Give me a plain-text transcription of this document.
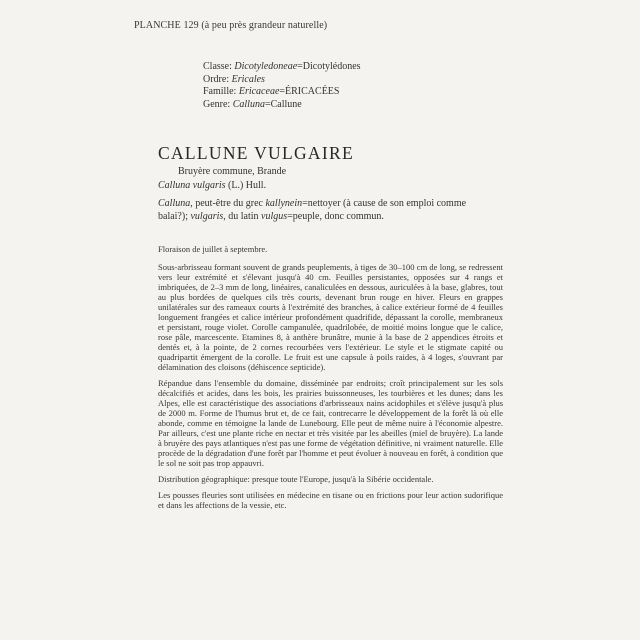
PLANCHE 129 (à peu près grandeur naturelle)
Classe: Dicotyledoneae=Dicotylédones
Ordre: Ericales
Famille: Ericaceae=ÉRICACÉES
Genre: Calluna=Callune
CALLUNE VULGAIRE
Bruyère commune, Brande
Calluna vulgaris (L.) Hull.
Calluna, peut-être du grec kallynein=nettoyer (à cause de son emploi comme balai?); vulgaris, du latin vulgus=peuple, donc commun.

Floraison de juillet à septembre.

Sous-arbrisseau formant souvent de grands peuplements, à tiges de 30–100 cm de long, se redressent vers leur extrémité et s'élevant jusqu'à 40 cm. Feuilles persistantes, opposées sur 4 rangs et imbriquées, de 2–3 mm de long, linéaires, canaliculées en dessous, auriculées à la base, glabres, tout au plus bordées de quelques cils très courts, devenant brun rouge en hiver. Fleurs en grappes unilatérales sur des rameaux courts à l'extrémité des branches, à calice extérieur formé de 4 feuilles longuement frangées et calice intérieur profondément quadrifide, dépassant la corolle, membraneux et persistant, rouge violet. Corolle campanulée, quadrilobée, de moitié moins longue que le calice, rose pâle, marcescente. Etamines 8, à anthère brunâtre, munie à la base de 2 appendices étroits et dentés et, à la pointe, de 2 cornes recourbées vers l'extérieur. Le style et le stigmate capité ou quadripartit émergent de la corolle. Le fruit est une capsule à poils raides, à 4 loges, s'ouvrant par délamination des cloisons (déhiscence septicide).

Répandue dans l'ensemble du domaine, disséminée par endroits; croît principalement sur les sols décalcifiés et acides, dans les bois, les prairies buissonneuses, les tourbières et les dunes; dans les Alpes, elle est caractéristique des associations d'arbrisseaux nains acidophiles et s'élève jusqu'à plus de 2000 m. Forme de l'humus brut et, de ce fait, contrecarre le développement de la forêt là où elle abonde, comme en témoigne la lande de Lunebourg. Elle peut de même nuire à l'économie alpestre. Par ailleurs, c'est une plante riche en nectar et très visitée par les abeilles (miel de bruyère). La lande à bruyère des pays atlantiques n'est pas une forme de végétation définitive, ni vraiment naturelle. Elle procède de la dégradation d'une forêt par l'homme et peut évoluer à nouveau en forêt, à condition que le sol ne soit pas trop appauvri.

Distribution géographique: presque toute l'Europe, jusqu'à la Sibérie occidentale.

Les pousses fleuries sont utilisées en médecine en tisane ou en frictions pour leur action sudorifique et dans les affections de la vessie, etc.
